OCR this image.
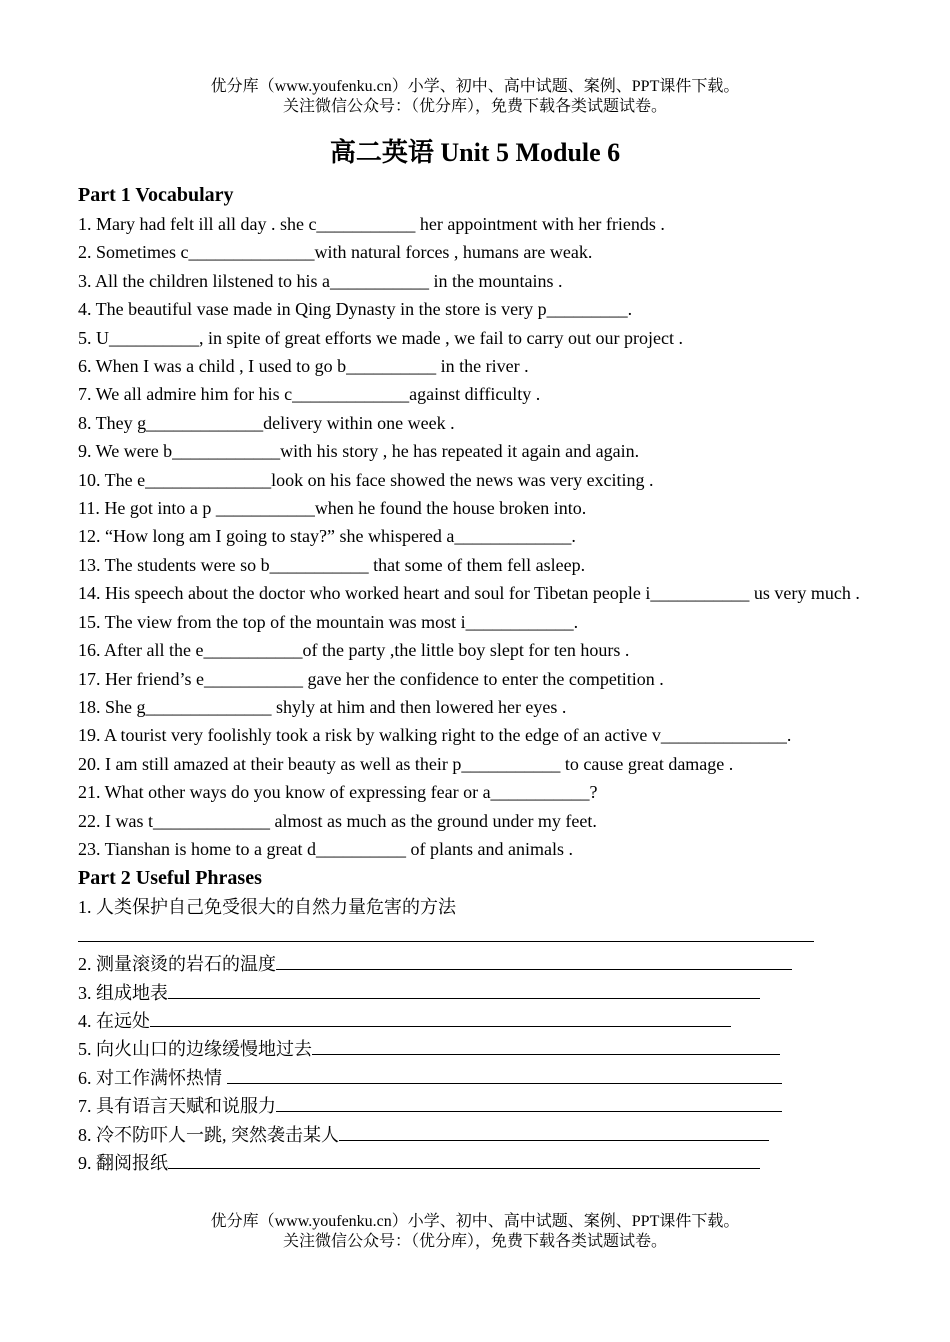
优分库（www.youfenku.cn）小学、初中、高中试题、案例、PPT课件下载。
关注微信公众号：（优分库），免费下载各类试题试卷。
高二英语 Unit 5 Module 6
Part 1 Vocabulary
1. Mary had felt ill all day . she c___________ her appointment with her friends .
2. Sometimes c______________with natural forces , humans are weak.
3. All the children lilstened to his a___________ in the mountains .
4. The beautiful vase made in Qing Dynasty in the store is very p_________.
5. U__________, in spite of great efforts we made , we fail to carry out our project .
6. When I was a child , I used to go b__________ in the river .
7. We all admire him for his c_____________against difficulty .
8. They g_____________delivery within one week .
9. We were b____________with his story , he has repeated it again and again.
10. The e______________look on his face showed the news was very exciting .
11. He got into a p ___________when he found the house broken into.
12. “How long am I going to stay?” she whispered a_____________.
13. The students were so b___________ that some of them fell asleep.
14. His speech about the doctor who worked heart and soul for Tibetan people i___________ us very much .
15. The view from the top of the mountain was most i____________.
16. After all the e___________of the party ,the little boy slept for ten hours .
17. Her friend’s e___________ gave her the confidence to enter the competition .
18. She g______________ shyly at him and then lowered her eyes .
19. A tourist very foolishly took a risk by walking right to the edge of an active v______________.
20. I am still amazed at their beauty as well as their p___________ to cause great damage .
21. What other ways do you know of expressing fear or a___________?
22. I was t_____________ almost as much as the ground under my feet.
23. Tianshan is home to a great d__________ of plants and animals .
Part 2 Useful Phrases
1. 人类保护自己免受很大的自然力量危害的方法
2. 测量滚烫的岩石的温度
3. 组成地表
4. 在远处
5. 向火山口的边缘缓慢地过去
6. 对工作满怀热情
7. 具有语言天赋和说服力
8. 冷不防吓人一跳, 突然袭击某人
9. 翻阅报纸
优分库（www.youfenku.cn）小学、初中、高中试题、案例、PPT课件下载。
关注微信公众号：（优分库），免费下载各类试题试卷。
